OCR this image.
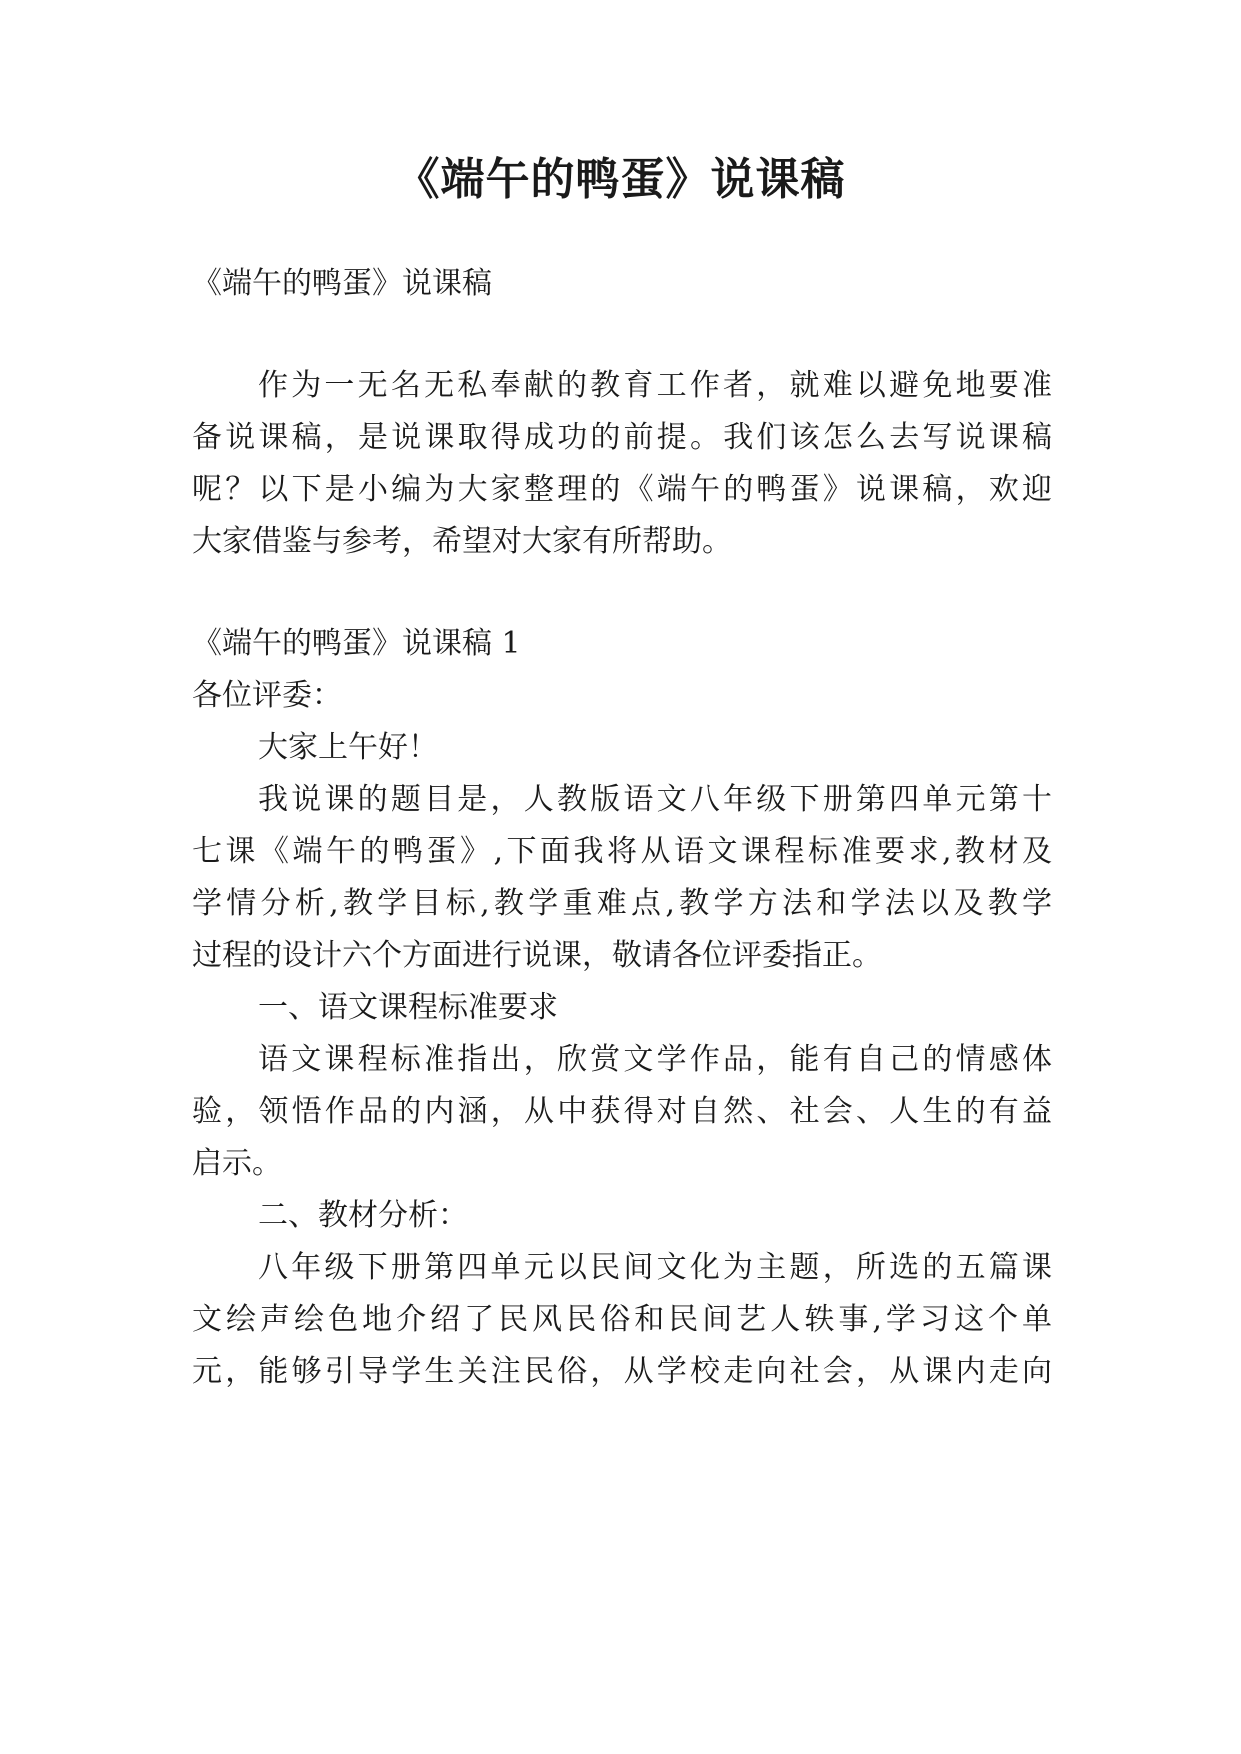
《端午的鸭蛋》说课稿

《端午的鸭蛋》说课稿

作为一无名无私奉献的教育工作者，就难以避免地要准

备说课稿，是说课取得成功的前提。我们该怎么去写说课稿

呢？以下是小编为大家整理的《端午的鸭蛋》说课稿，欢迎

大家借鉴与参考，希望对大家有所帮助。

《端午的鸭蛋》说课稿 1

各位评委：

大家上午好！

我说课的题目是，人教版语文八年级下册第四单元第十

七课《端午的鸭蛋》,下面我将从语文课程标准要求,教材及

学情分析,教学目标,教学重难点,教学方法和学法以及教学

过程的设计六个方面进行说课，敬请各位评委指正。

一、语文课程标准要求

语文课程标准指出，欣赏文学作品，能有自己的情感体

验，领悟作品的内涵，从中获得对自然、社会、人生的有益

启示。

二、教材分析：

八年级下册第四单元以民间文化为主题，所选的五篇课

文绘声绘色地介绍了民风民俗和民间艺人轶事,学习这个单

元，能够引导学生关注民俗，从学校走向社会，从课内走向
